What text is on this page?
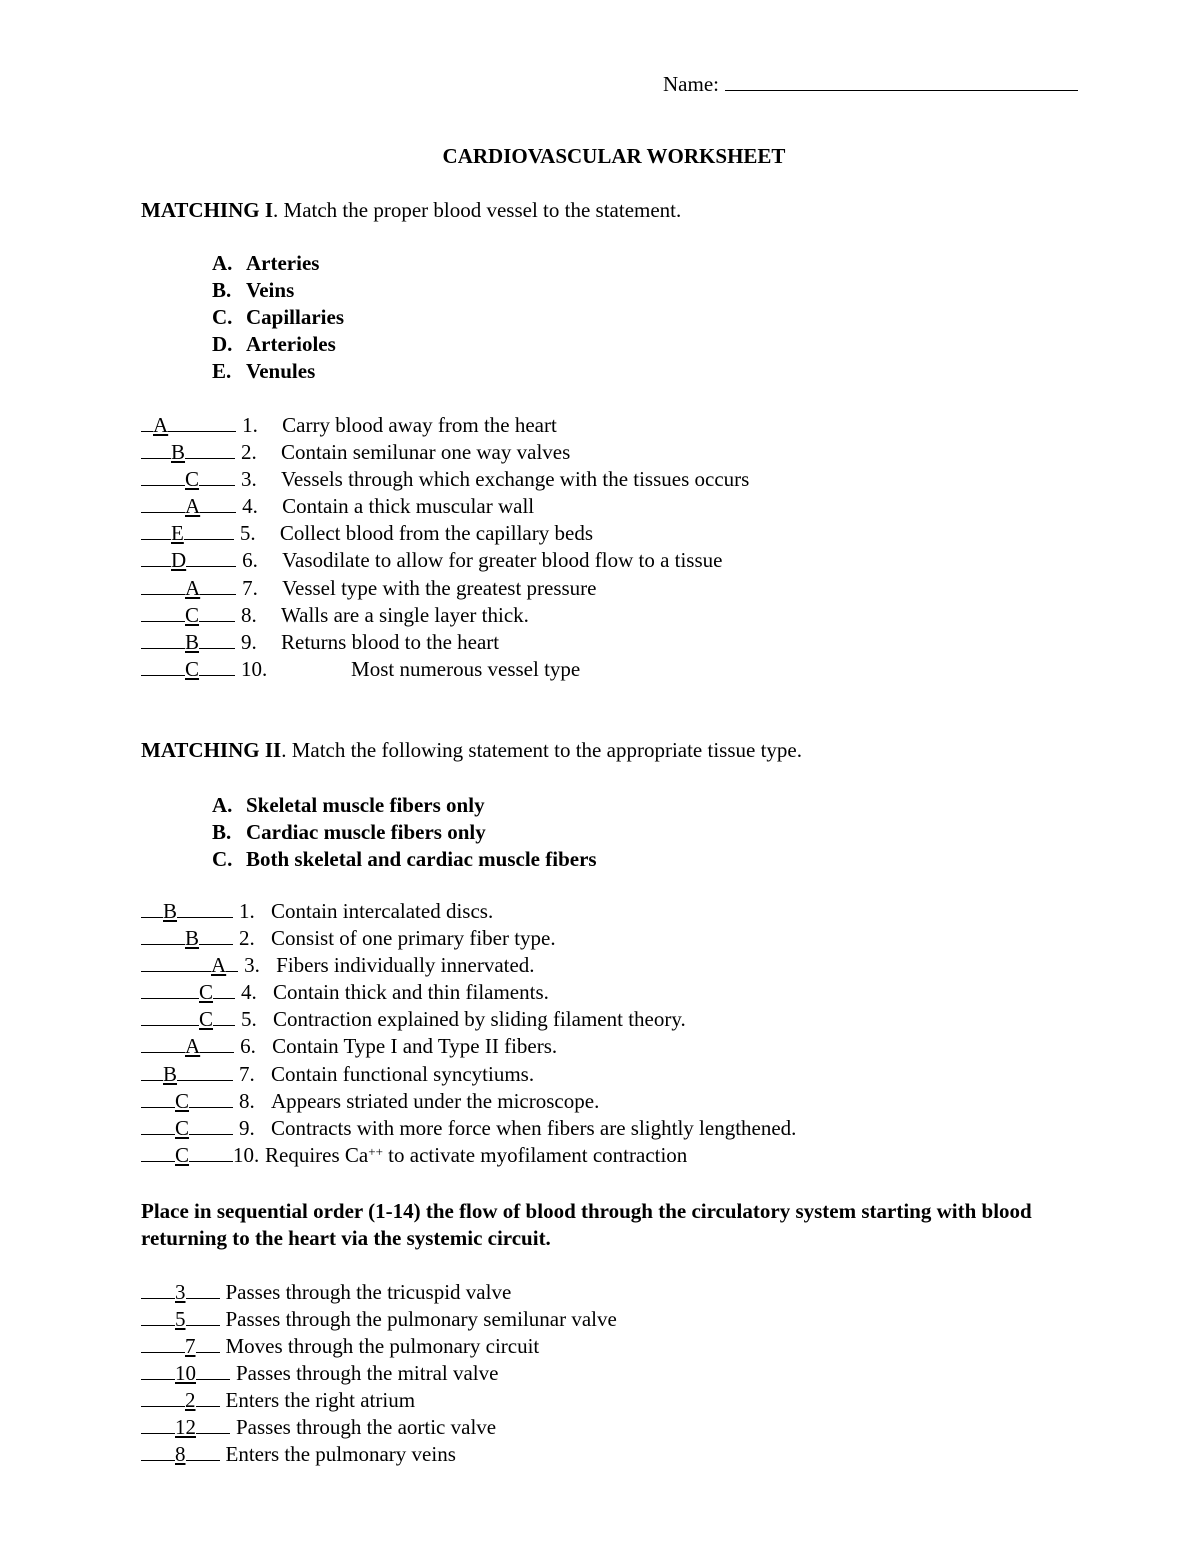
Name:
CARDIOVASCULAR WORKSHEET
MATCHING I. Match the proper blood vessel to the statement.
A. Arteries
B. Veins
C. Capillaries
D. Arterioles
E. Venules
A	1. Carry blood away from the heart
B	2. Contain semilunar one way valves
C 3. Vessels through which exchange with the tissues occurs
A 4. Contain a thick muscular wall
E	5. Collect blood from the capillary beds
D	6. Vasodilate to allow for greater blood flow to a tissue
A 7. Vessel type with the greatest pressure
C 8. Walls are a single layer thick.
B 9. Returns blood to the heart
C 10.	Most numerous vessel type
MATCHING II. Match the following statement to the appropriate tissue type.
A. Skeletal muscle fibers only
B. Cardiac muscle fibers only
C. Both skeletal and cardiac muscle fibers
B	1. Contain intercalated discs.
B 2. Consist of one primary fiber type.
A 3. Fibers individually innervated.
C 4. Contain thick and thin filaments.
C 5. Contraction explained by sliding filament theory.
A 6. Contain Type I and Type II fibers.
B	7. Contain functional syncytiums.
C 8. Appears striated under the microscope.
C 9. Contracts with more force when fibers are slightly lengthened.
C 10. Requires Ca++ to activate myofilament contraction
Place in sequential order (1-14) the flow of blood through the circulatory system starting with blood returning to the heart via the systemic circuit.
3 Passes through the tricuspid valve
5 Passes through the pulmonary semilunar valve
7 Moves through the pulmonary circuit
10 Passes through the mitral valve
2 Enters the right atrium
12 Passes through the aortic valve
8 Enters the pulmonary veins
